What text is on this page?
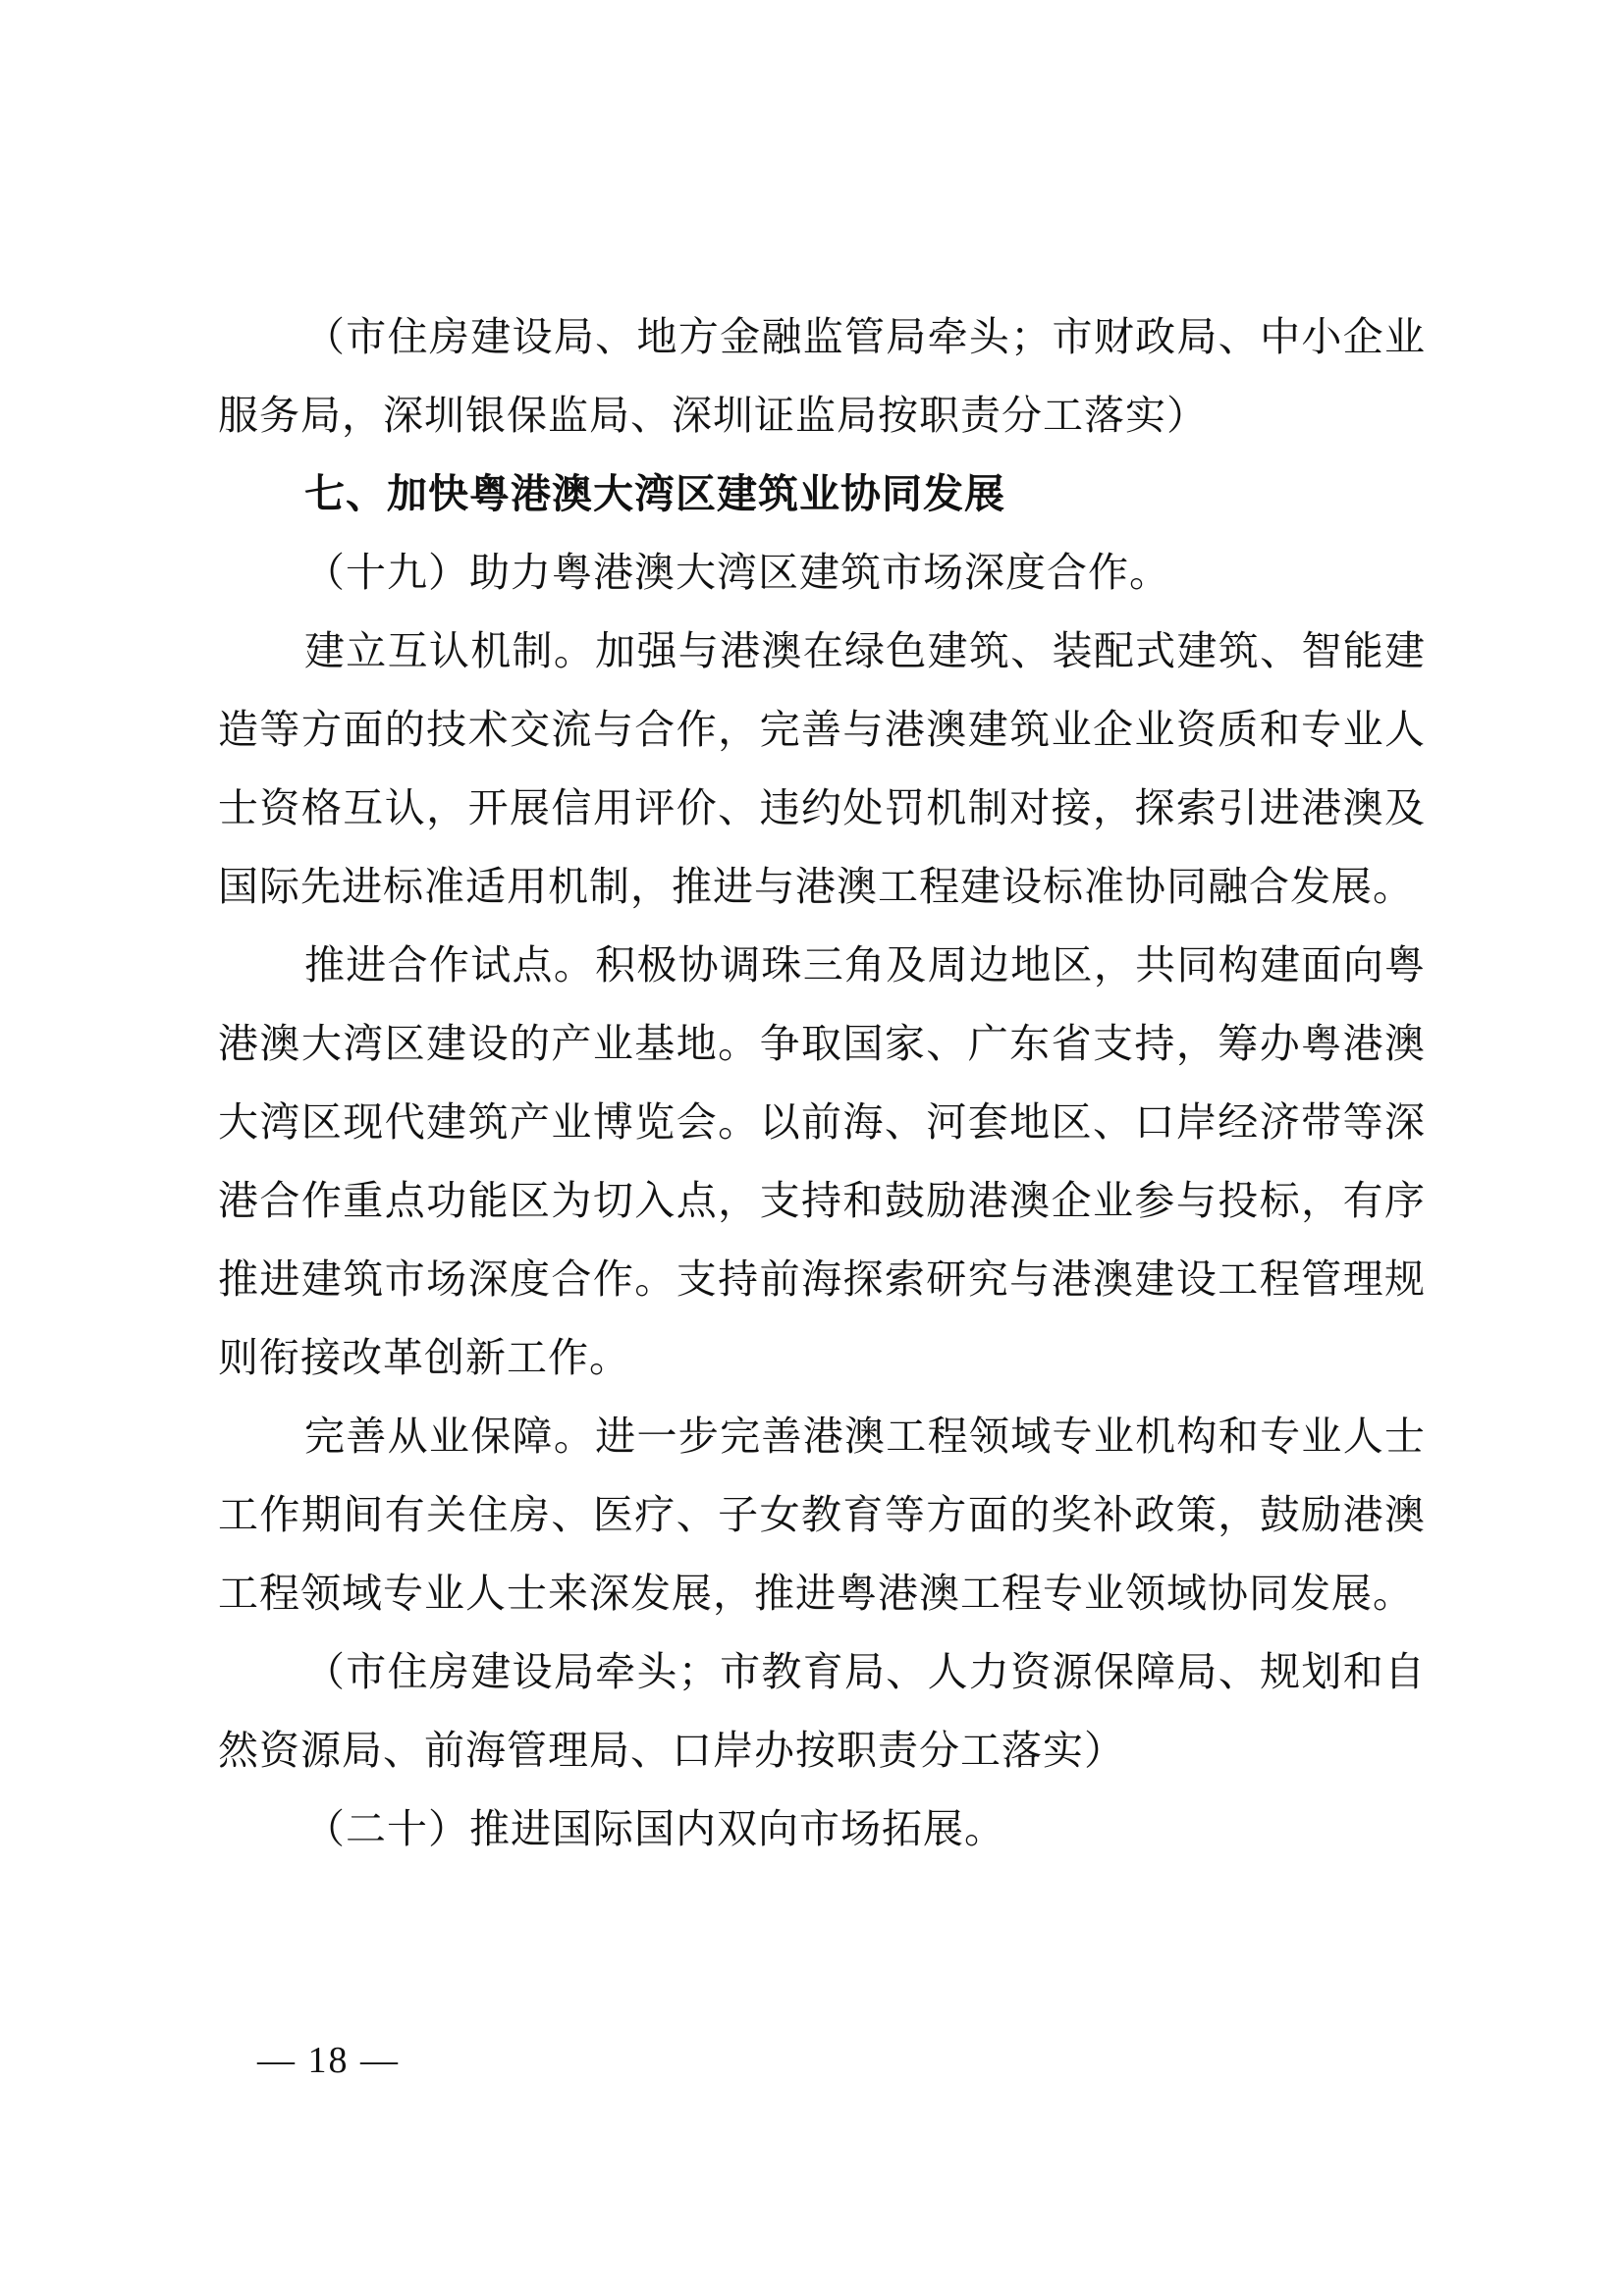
（市住房建设局、地方金融监管局牵头；市财政局、中小企业服务局，深圳银保监局、深圳证监局按职责分工落实）

七、加快粤港澳大湾区建筑业协同发展

（十九）助力粤港澳大湾区建筑市场深度合作。

建立互认机制。加强与港澳在绿色建筑、装配式建筑、智能建造等方面的技术交流与合作，完善与港澳建筑业企业资质和专业人士资格互认，开展信用评价、违约处罚机制对接，探索引进港澳及国际先进标准适用机制，推进与港澳工程建设标准协同融合发展。

推进合作试点。积极协调珠三角及周边地区，共同构建面向粤港澳大湾区建设的产业基地。争取国家、广东省支持，筹办粤港澳大湾区现代建筑产业博览会。以前海、河套地区、口岸经济带等深港合作重点功能区为切入点，支持和鼓励港澳企业参与投标，有序推进建筑市场深度合作。支持前海探索研究与港澳建设工程管理规则衔接改革创新工作。

完善从业保障。进一步完善港澳工程领域专业机构和专业人士工作期间有关住房、医疗、子女教育等方面的奖补政策，鼓励港澳工程领域专业人士来深发展，推进粤港澳工程专业领域协同发展。

（市住房建设局牵头；市教育局、人力资源保障局、规划和自然资源局、前海管理局、口岸办按职责分工落实）

（二十）推进国际国内双向市场拓展。

— 18 —
